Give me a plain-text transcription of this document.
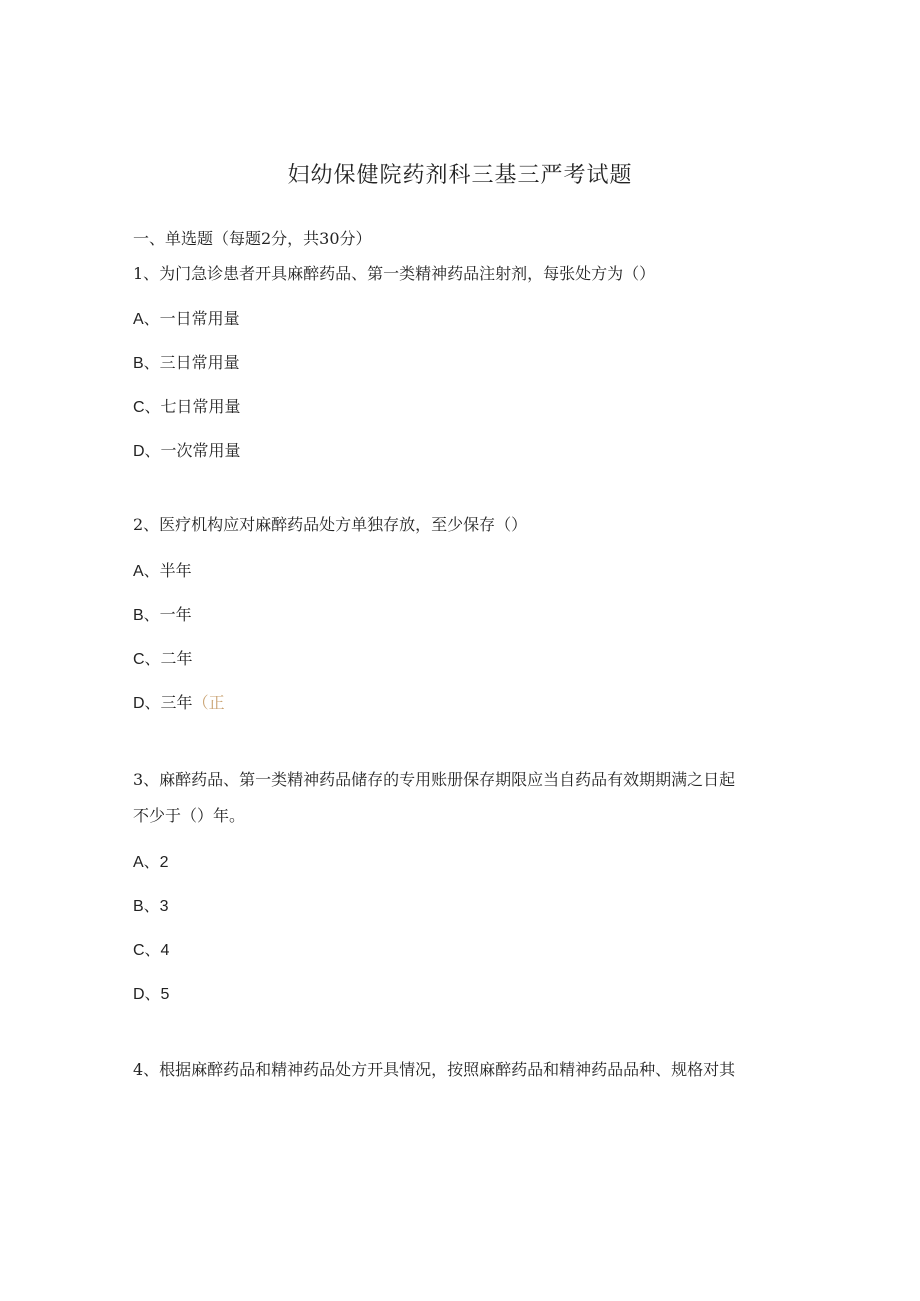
妇幼保健院药剂科三基三严考试题
一、单选题（每题2分，共30分）
1、为门急诊患者开具麻醉药品、第一类精神药品注射剂，每张处方为（）
A、一日常用量
B、三日常用量
C、七日常用量
D、一次常用量
2、医疗机构应对麻醉药品处方单独存放，至少保存（）
A、半年
B、一年
C、二年
D、三年（正
3、麻醉药品、第一类精神药品储存的专用账册保存期限应当自药品有效期期满之日起
不少于（）年。
A、2
B、3
C、4
D、5
4、根据麻醉药品和精神药品处方开具情况，按照麻醉药品和精神药品品种、规格对其
